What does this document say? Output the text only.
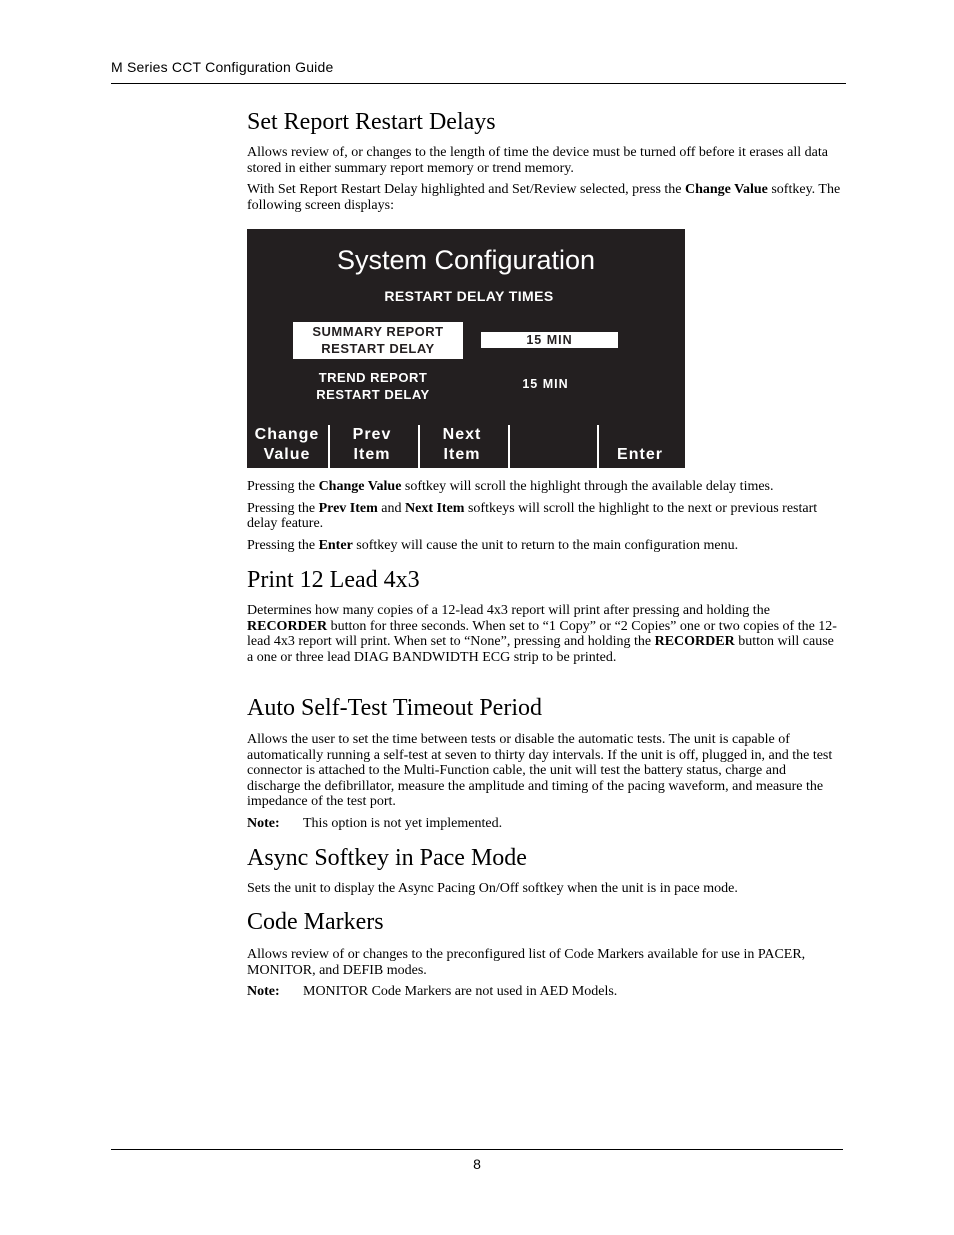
M Series CCT Configuration Guide
Set Report Restart Delays

Allows review of, or changes to the length of time the device must be turned off before it erases all data stored in either summary report memory or trend memory.

With Set Report Restart Delay highlighted and Set/Review selected, press the Change Value softkey. The following screen displays:

System Configuration
RESTART DELAY TIMES
SUMMARY REPORT
RESTART DELAY
15 MIN
TREND REPORT
RESTART DELAY
15 MIN
Change
Value
Prev
Item
Next
Item
	Enter

Pressing the Change Value softkey will scroll the highlight through the available delay times.

Pressing the Prev Item and Next Item softkeys will scroll the highlight to the next or previous restart delay feature.

Pressing the Enter softkey will cause the unit to return to the main configuration menu.

Print 12 Lead 4x3

Determines how many copies of a 12-lead 4x3 report will print after pressing and holding the RECORDER button for three seconds. When set to “1 Copy” or “2 Copies” one or two copies of the 12-lead 4x3 report will print. When set to “None”, pressing and holding the RECORDER button will cause a one or three lead DIAG BANDWIDTH ECG strip to be printed.

Auto Self-Test Timeout Period

Allows the user to set the time between tests or disable the automatic tests. The unit is capable of automatically running a self-test at seven to thirty day intervals. If the unit is off, plugged in, and the test connector is attached to the Multi-Function cable, the unit will test the battery status, charge and discharge the defibrillator, measure the amplitude and timing of the pacing waveform, and measure the impedance of the test port.

Note: This option is not yet implemented.

Async Softkey in Pace Mode

Sets the unit to display the Async Pacing On/Off softkey when the unit is in pace mode.

Code Markers

Allows review of or changes to the preconfigured list of Code Markers available for use in PACER, MONITOR, and DEFIB modes.

Note: MONITOR Code Markers are not used in AED Models.

8
